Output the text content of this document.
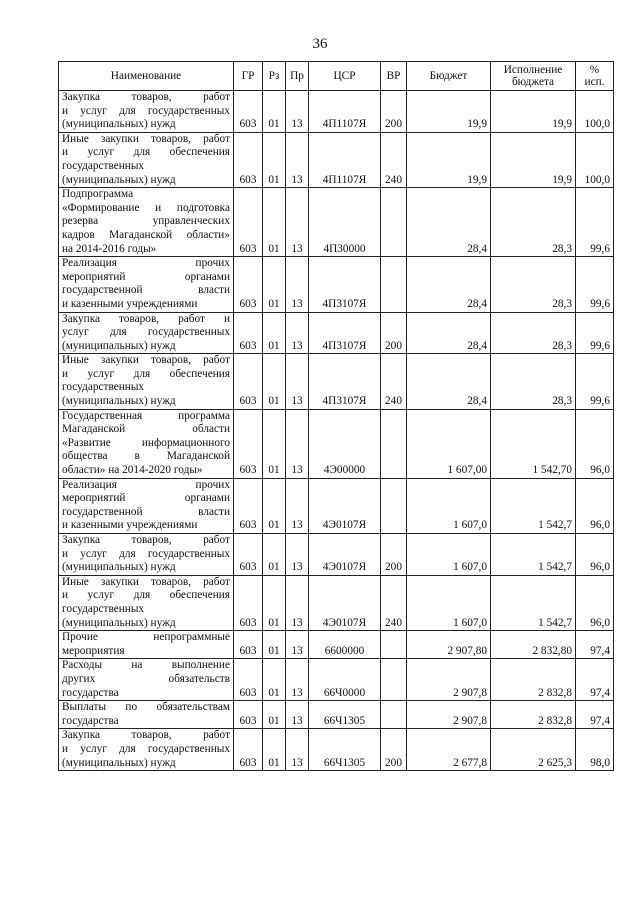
36
Наименование	ГР	Рз	Пр	ЦСР	ВР	Бюджет	Исполнение бюджета	% исп.

Закупка товаров, работ
и услуг для государственных
(муниципальных) нужд	603	01	13	4П1107Я	200	19,9	19,9	100,0

Иные закупки товаров, работ
и услуг для обеспечения
государственных
(муниципальных) нужд	603	01	13	4П1107Я	240	19,9	19,9	100,0

Подпрограмма
«Формирование и подготовка
резерва управленческих
кадров Магаданской области»
на 2014-2016 годы»	603	01	13	4П30000		28,4	28,3	99,6

Реализация прочих
мероприятий органами
государственной власти
и казенными учреждениями	603	01	13	4П3107Я		28,4	28,3	99,6

Закупка товаров, работ и
услуг для государственных
(муниципальных) нужд	603	01	13	4П3107Я	200	28,4	28,3	99,6

Иные закупки товаров, работ
и услуг для обеспечения
государственных
(муниципальных) нужд	603	01	13	4П3107Я	240	28,4	28,3	99,6

Государственная программа
Магаданской области
«Развитие информационного
общества в Магаданской
области» на 2014-2020 годы»	603	01	13	4Э00000		1 607,00	1 542,70	96,0

Реализация прочих
мероприятий органами
государственной власти
и казенными учреждениями	603	01	13	4Э0107Я		1 607,0	1 542,7	96,0

Закупка товаров, работ
и услуг для государственных
(муниципальных) нужд	603	01	13	4Э0107Я	200	1 607,0	1 542,7	96,0

Иные закупки товаров, работ
и услуг для обеспечения
государственных
(муниципальных) нужд	603	01	13	4Э0107Я	240	1 607,0	1 542,7	96,0

Прочие непрограммные
мероприятия	603	01	13	6600000		2 907,80	2 832,80	97,4

Расходы на выполнение
других обязательств
государства	603	01	13	66Ч0000		2 907,8	2 832,8	97,4

Выплаты по обязательствам
государства	603	01	13	66Ч1305		2 907,8	2 832,8	97,4

Закупка товаров, работ
и услуг для государственных
(муниципальных) нужд	603	01	13	66Ч1305	200	2 677,8	2 625,3	98,0
